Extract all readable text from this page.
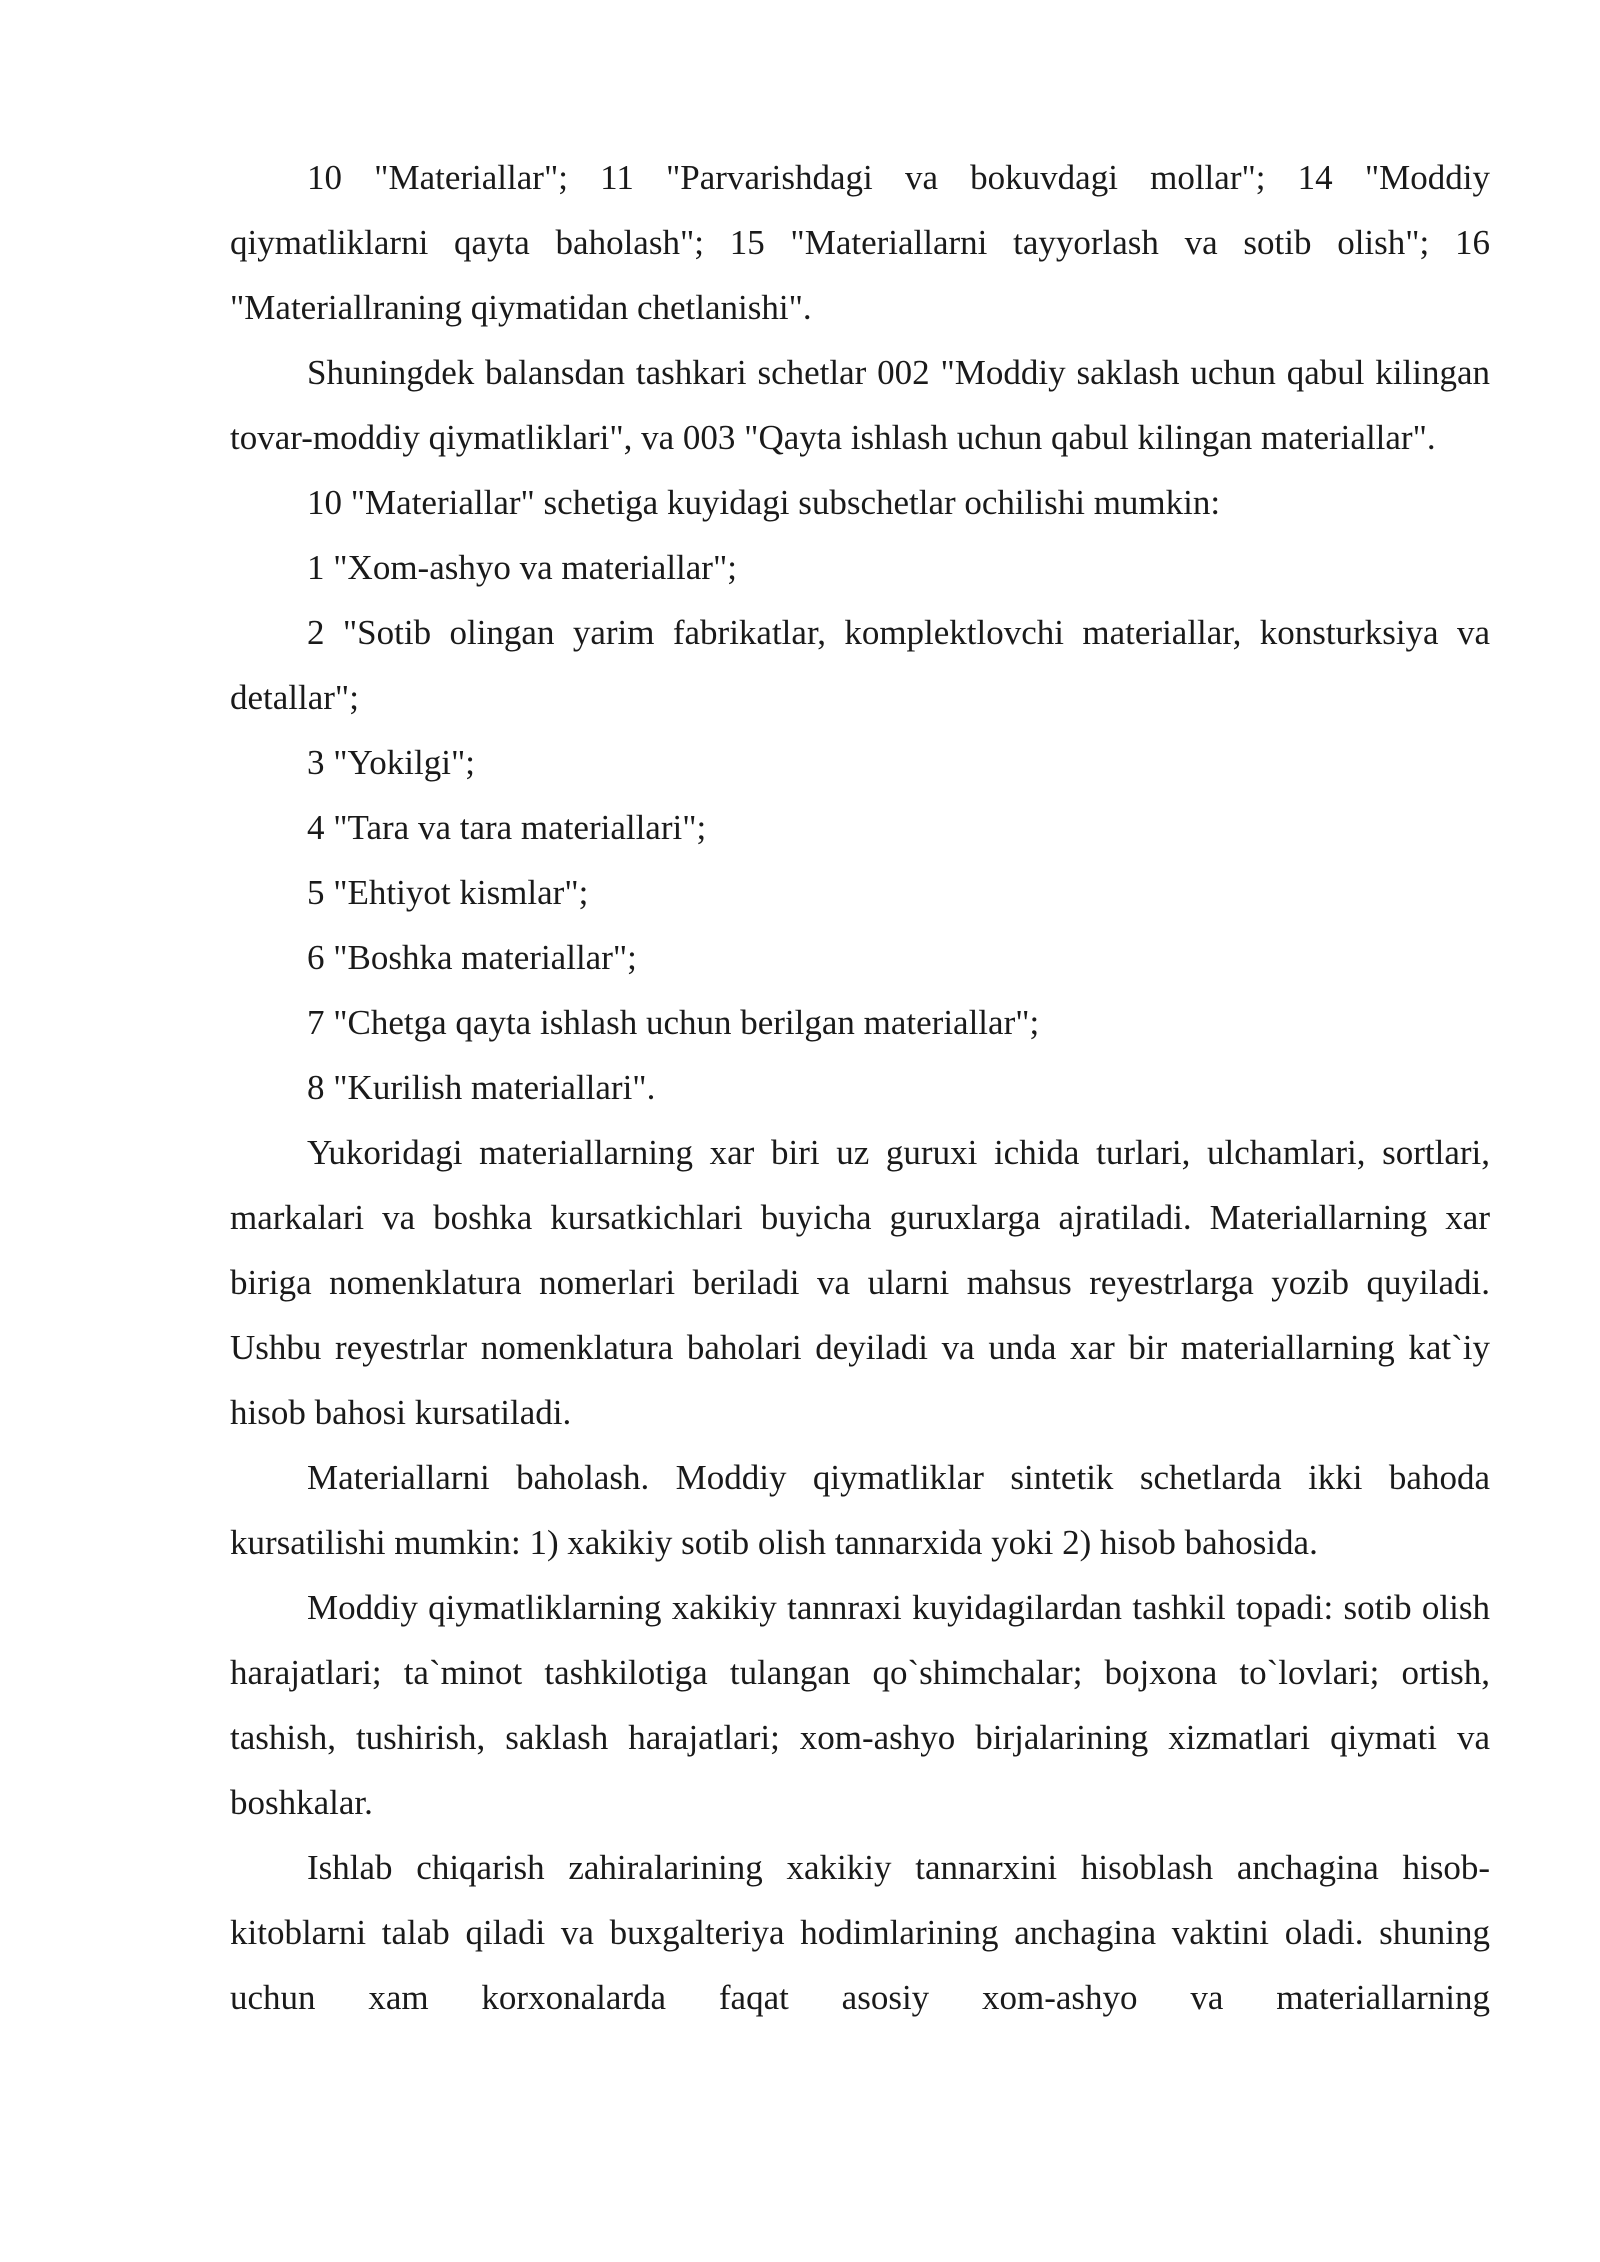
10 "Materiallar"; 11 "Parvarishdagi va bokuvdagi mollar"; 14 "Moddiy qiymatliklarni qayta baholash"; 15 "Materiallarni tayyorlash va sotib olish"; 16 "Materiallraning qiymatidan chetlanishi".

Shuningdek balansdan tashkari schetlar 002 "Moddiy saklash uchun qabul kilingan tovar-moddiy qiymatliklari", va 003 "Qayta ishlash uchun qabul kilingan materiallar".

10 "Materiallar" schetiga kuyidagi subschetlar ochilishi mumkin:

1 "Xom-ashyo va materiallar";

2 "Sotib olingan yarim fabrikatlar, komplektlovchi materiallar, konsturksiya va detallar";

3 "Yokilgi";

4 "Tara va tara materiallari";

5 "Ehtiyot kismlar";

6 "Boshka materiallar";

7 "Chetga qayta ishlash uchun berilgan materiallar";

8 "Kurilish materiallari".

Yukoridagi materiallarning xar biri uz guruxi ichida turlari, ulchamlari, sortlari, markalari va boshka kursatkichlari buyicha guruxlarga ajratiladi. Materiallarning xar biriga nomenklatura nomerlari beriladi va ularni mahsus reyestrlarga yozib quyiladi. Ushbu reyestrlar nomenklatura baholari deyiladi va unda xar bir materiallarning kat`iy hisob bahosi kursatiladi.

Materiallarni baholash. Moddiy qiymatliklar sintetik schetlarda ikki bahoda kursatilishi mumkin: 1) xakikiy sotib olish tannarxida yoki 2) hisob bahosida.

Moddiy qiymatliklarning xakikiy tannraxi kuyidagilardan tashkil topadi: sotib olish harajatlari; ta`minot tashkilotiga tulangan qo`shimchalar; bojxona to`lovlari; ortish, tashish, tushirish, saklash harajatlari; xom-ashyo birjalarining xizmatlari qiymati va boshkalar.

Ishlab chiqarish zahiralarining xakikiy tannarxini hisoblash anchagina hisob-kitoblarni talab qiladi va buxgalteriya hodimlarining anchagina vaktini oladi. shuning uchun xam korxonalarda faqat asosiy xom-ashyo va materiallarning
